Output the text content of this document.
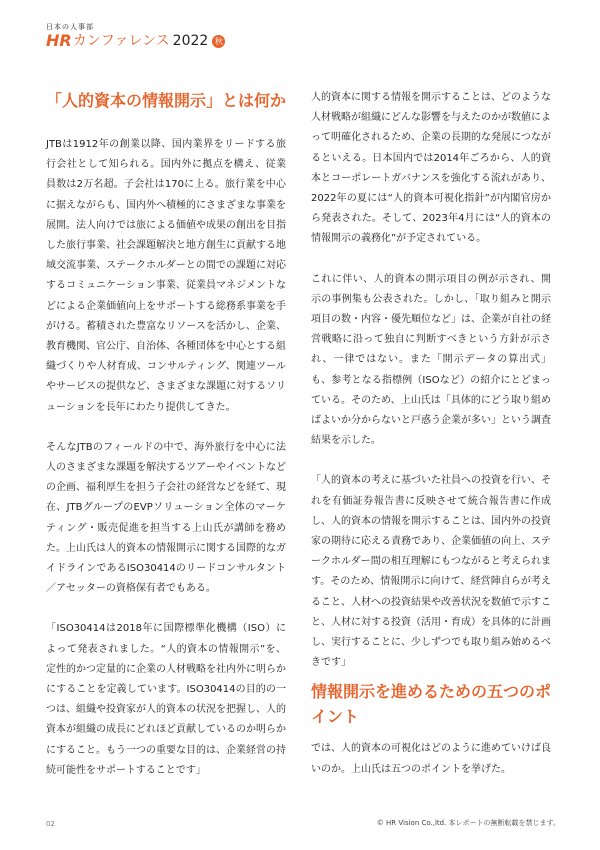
日本の人事部
HR カンファレンス 2022 秋
「人的資本の情報開示」とは何か

JTBは1912年の創業以降、国内業界をリードする旅行会社として知られる。国内外に拠点を構え、従業員数は2万名超。子会社は170に上る。旅行業を中心に据えながらも、国内外へ積極的にさまざまな事業を展開。法人向けでは旅による価値や成果の創出を目指した旅行事業、社会課題解決と地方創生に貢献する地域交流事業、ステークホルダーとの間での課題に対応するコミュニケーション事業、従業員マネジメントなどによる企業価値向上をサポートする総務系事業を手がける。蓄積された豊富なリソースを活かし、企業、教育機関、官公庁、自治体、各種団体を中心とする組織づくりや人材育成、コンサルティング、関連ツールやサービスの提供など、さまざまな課題に対するソリューションを長年にわたり提供してきた。

そんなJTBのフィールドの中で、海外旅行を中心に法人のさまざまな課題を解決するツアーやイベントなどの企画、福利厚生を担う子会社の経営などを経て、現在、JTBグループのEVPソリューション全体のマーケティング・販売促進を担当する上山氏が講師を務めた。上山氏は人的資本の情報開示に関する国際的なガイドラインであるISO30414のリードコンサルタント／アセッターの資格保有者でもある。

「ISO30414は2018年に国際標準化機構（ISO）によって発表されました。“人的資本の情報開示”を、定性的かつ定量的に企業の人材戦略を社内外に明らかにすることを定義しています。ISO30414の目的の一つは、組織や投資家が人的資本の状況を把握し、人的資本が組織の成長にどれほど貢献しているのか明らかにすること。もう一つの重要な目的は、企業経営の持続可能性をサポートすることです」

人的資本に関する情報を開示することは、どのような人材戦略が組織にどんな影響を与えたのかが数値によって明確化されるため、企業の長期的な発展につながるといえる。日本国内では2014年ごろから、人的資本とコーポレートガバナンスを強化する流れがあり、2022年の夏には“人的資本可視化指針”が内閣官房から発表された。そして、2023年4月には“人的資本の情報開示の義務化”が予定されている。

これに伴い、人的資本の開示項目の例が示され、開示の事例集も公表された。しかし、「取り組みと開示項目の数・内容・優先順位など」は、企業が自社の経営戦略に沿って独自に判断すべきという方針が示され、一律ではない。また「開示データの算出式」も、参考となる指標例（ISOなど）の紹介にとどまっている。そのため、上山氏は「具体的にどう取り組めばよいか分からないと戸惑う企業が多い」という調査結果を示した。

「人的資本の考えに基づいた社員への投資を行い、それを有価証券報告書に反映させて統合報告書に作成し、人的資本の情報を開示することは、国内外の投資家の期待に応える責務であり、企業価値の向上、ステークホルダー間の相互理解にもつながると考えられます。そのため、情報開示に向けて、経営陣自らが考えること、人材への投資結果や改善状況を数値で示すこと、人材に対する投資（活用・育成）を具体的に計画し、実行することに、少しずつでも取り組み始めるべきです」

情報開示を進めるための五つのポイント

では、人的資本の可視化はどのように進めていけば良いのか。上山氏は五つのポイントを挙げた。

02	© HR Vision Co.,ltd. 本レポートの無断転載を禁じます。
